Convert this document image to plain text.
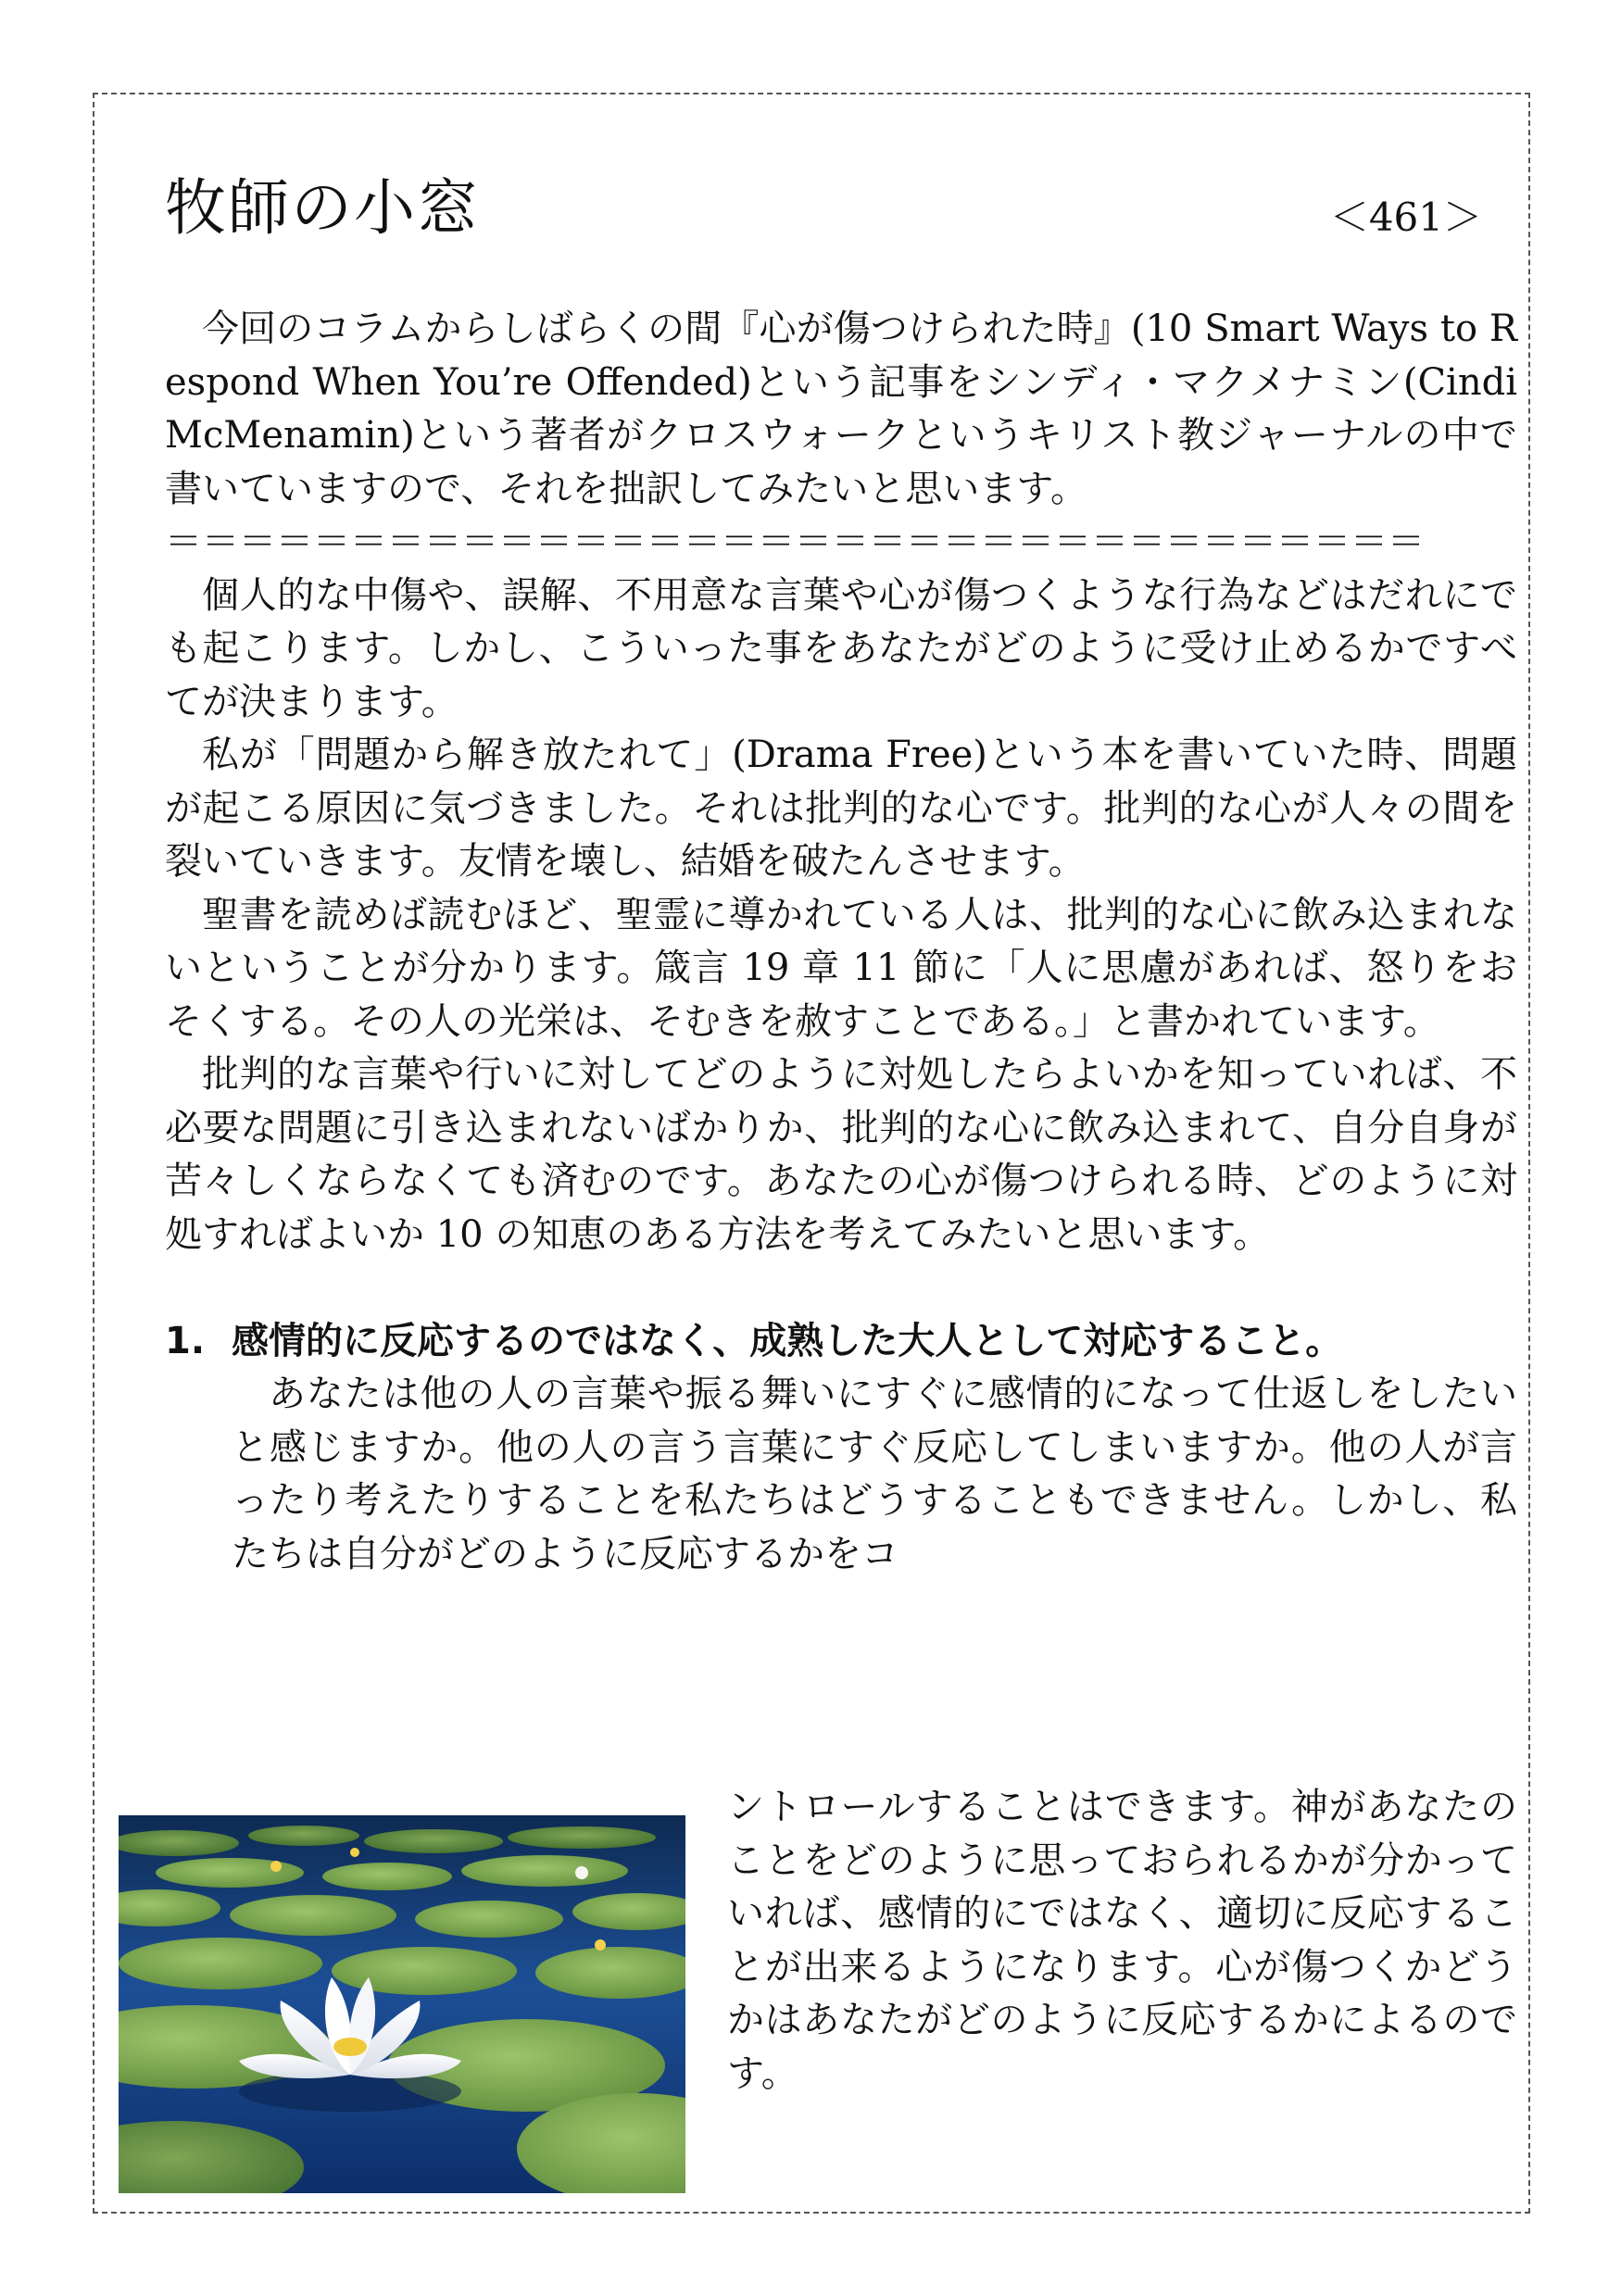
牧師の小窓	＜461＞

今回のコラムからしばらくの間『心が傷つけられた時』(10 Smart Ways to Respond When You’re Offended)という記事をシンディ・マクメナミン(Cindi McMenamin)という著者がクロスウォークというキリスト教ジャーナルの中で書いていますので、それを拙訳してみたいと思います。

＝＝＝＝＝＝＝＝＝＝＝＝＝＝＝＝＝＝＝＝＝＝＝＝＝＝＝＝＝＝＝＝＝＝

個人的な中傷や、誤解、不用意な言葉や心が傷つくような行為などはだれにでも起こります。しかし、こういった事をあなたがどのように受け止めるかですべてが決まります。

私が「問題から解き放たれて」(Drama Free)という本を書いていた時、問題が起こる原因に気づきました。それは批判的な心です。批判的な心が人々の間を裂いていきます。友情を壊し、結婚を破たんさせます。

聖書を読めば読むほど、聖霊に導かれている人は、批判的な心に飲み込まれないということが分かります。箴言 19 章 11 節に「人に思慮があれば、怒りをおそくする。その人の光栄は、そむきを赦すことである。」と書かれています。

批判的な言葉や行いに対してどのように対処したらよいかを知っていれば、不必要な問題に引き込まれないばかりか、批判的な心に飲み込まれて、自分自身が苦々しくならなくても済むのです。あなたの心が傷つけられる時、どのように対処すればよいか 10 の知恵のある方法を考えてみたいと思います。

1. 感情的に反応するのではなく、成熟した大人として対応すること。

あなたは他の人の言葉や振る舞いにすぐに感情的になって仕返しをしたいと感じますか。他の人の言う言葉にすぐ反応してしまいますか。他の人が言ったり考えたりすることを私たちはどうすることもできません。しかし、私たちは自分がどのように反応するかをコ

ントロールすることはできます。神があなたのことをどのように思っておられるかが分かっていれば、感情的にではなく、適切に反応することが出来るようになります。心が傷つくかどうかはあなたがどのように反応するかによるのです。
